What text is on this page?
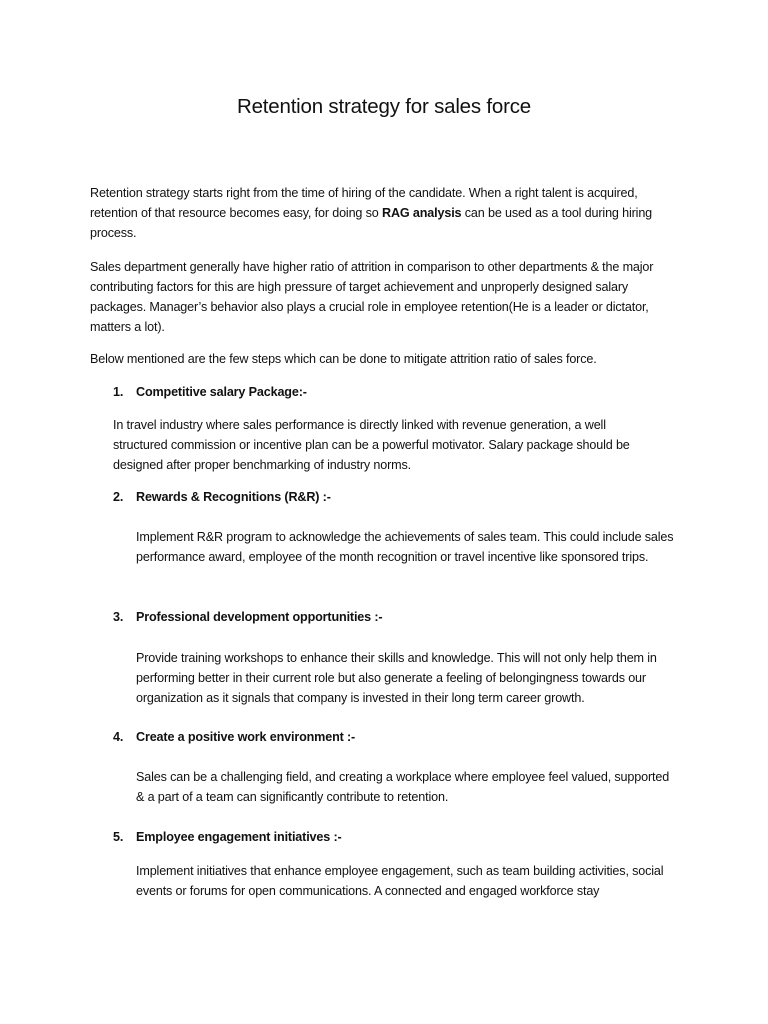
Retention strategy for sales force

Retention strategy starts right from the time of hiring of the candidate. When a right talent is acquired, retention of that resource becomes easy, for doing so RAG analysis can be used as a tool during hiring process.

Sales department generally have higher ratio of attrition in comparison to other departments & the major contributing factors for this are high pressure of target achievement and unproperly designed salary packages. Manager’s behavior also plays a crucial role in employee retention(He is a leader or dictator, matters a lot).

Below mentioned are the few steps which can be done to mitigate attrition ratio of sales force.

1. Competitive salary Package:-

In travel industry where sales performance is directly linked with revenue generation, a well structured commission or incentive plan can be a powerful motivator. Salary package should be designed after proper benchmarking of industry norms.

2. Rewards & Recognitions (R&R) :-

Implement R&R program to acknowledge the achievements of sales team. This could include sales performance award, employee of the month recognition or travel incentive like sponsored trips.

3. Professional development opportunities :-

Provide training workshops to enhance their skills and knowledge. This will not only help them in performing better in their current role but also generate a feeling of belongingness towards our organization as it signals that company is invested in their long term career growth.

4. Create a positive work environment :-

Sales can be a challenging field, and creating a workplace where employee feel valued, supported & a part of a team can significantly contribute to retention.

5. Employee engagement initiatives :-

Implement initiatives that enhance employee engagement, such as team building activities, social events or forums for open communications. A connected and engaged workforce stay
